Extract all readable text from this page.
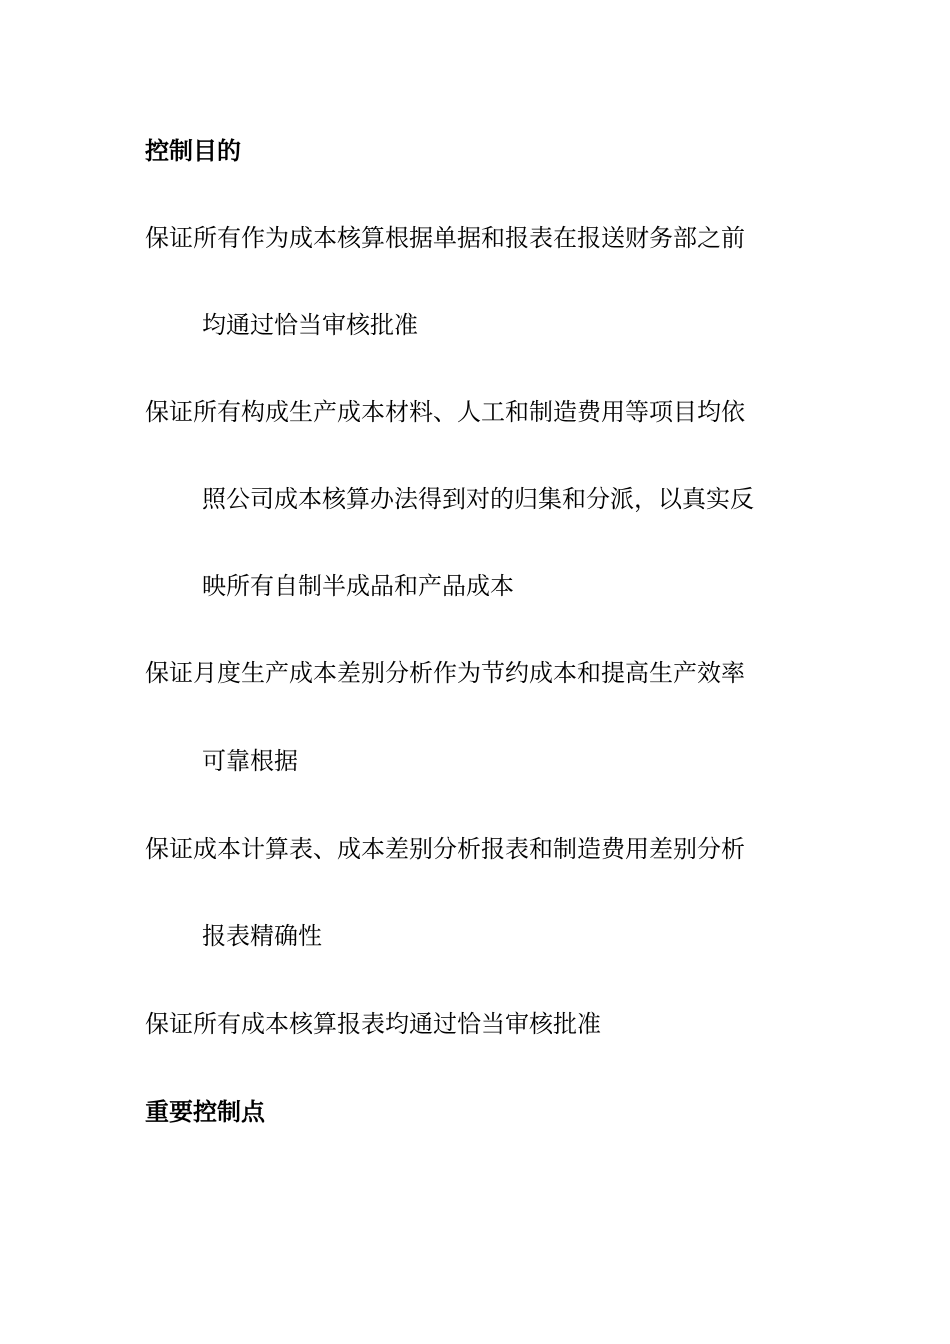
控制目的
保证所有作为成本核算根据单据和报表在报送财务部之前
均通过恰当审核批准
保证所有构成生产成本材料、人工和制造费用等项目均依
照公司成本核算办法得到对的归集和分派，以真实反
映所有自制半成品和产品成本
保证月度生产成本差别分析作为节约成本和提高生产效率
可靠根据
保证成本计算表、成本差别分析报表和制造费用差别分析
报表精确性
保证所有成本核算报表均通过恰当审核批准
重要控制点
